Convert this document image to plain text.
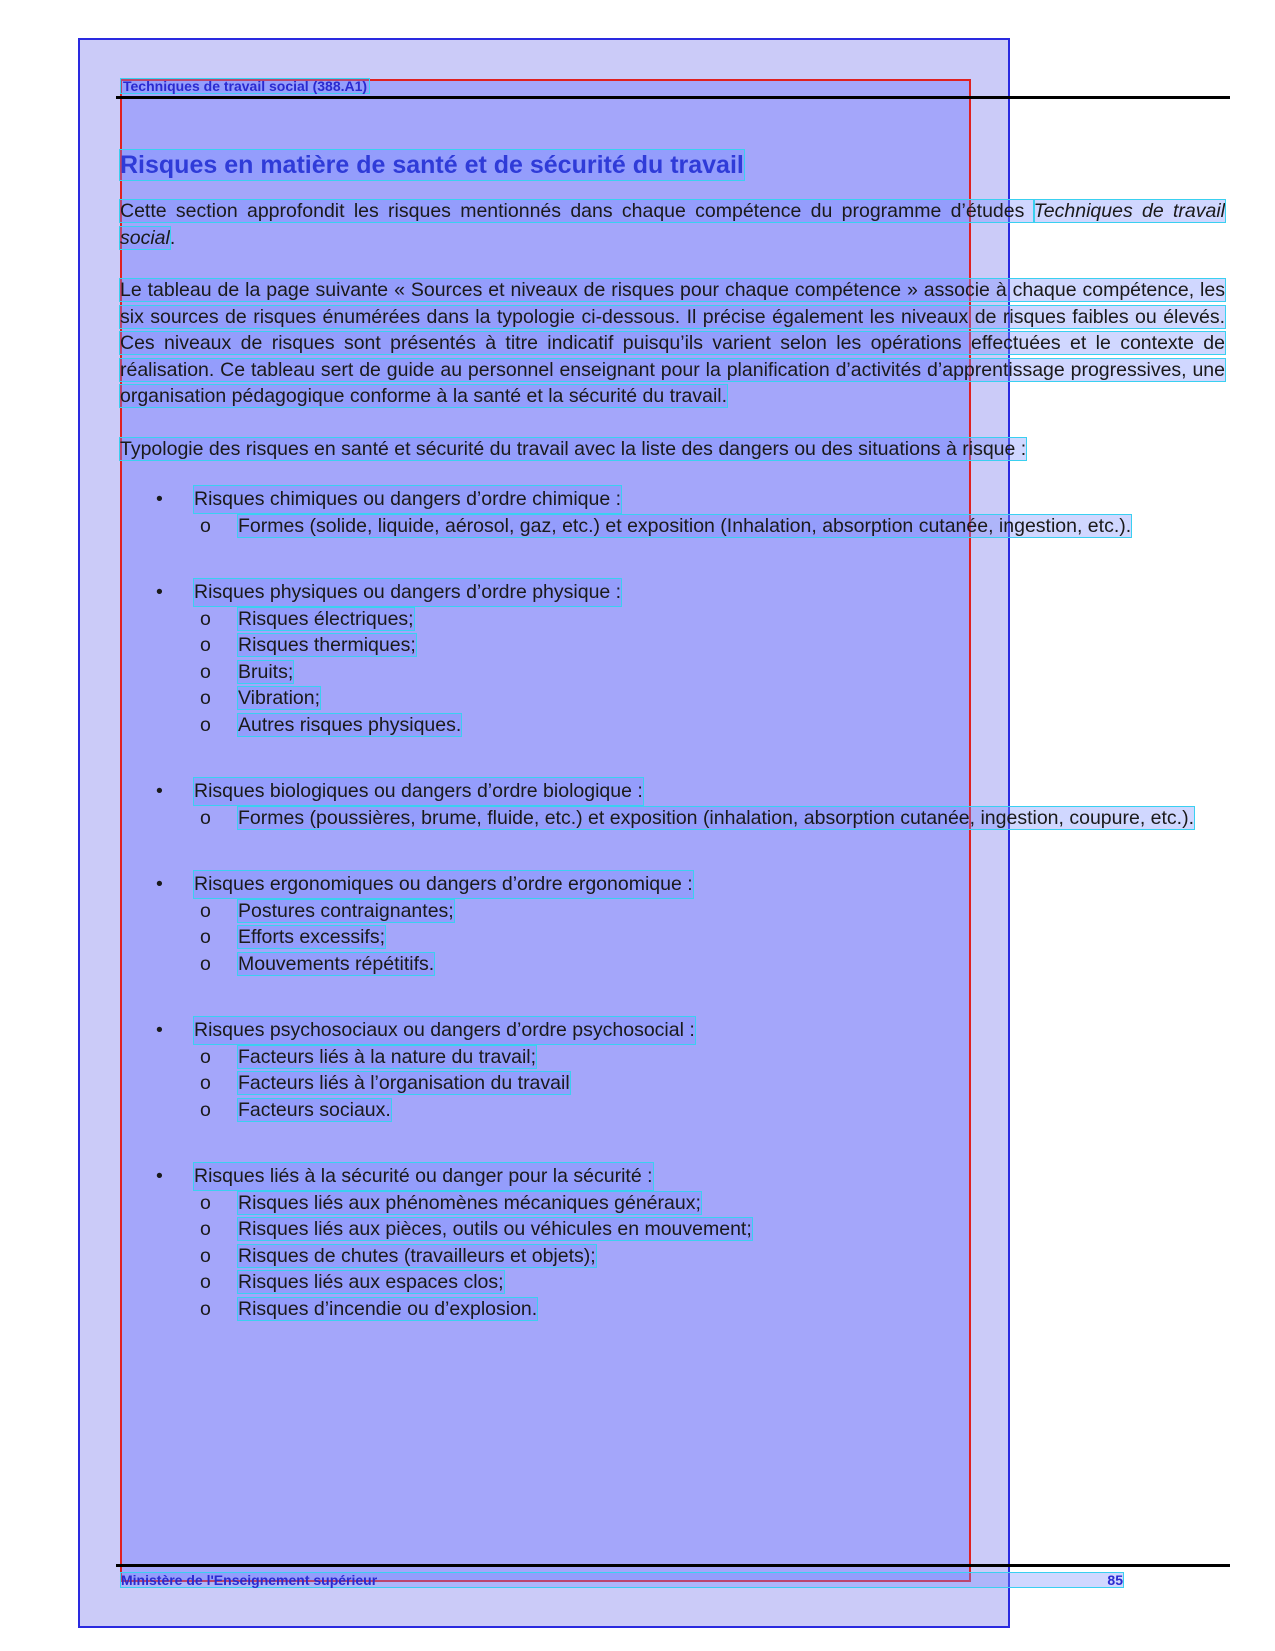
Techniques de travail social (388.A1)
Risques en matière de santé et de sécurité du travail

Cette section approfondit les risques mentionnés dans chaque compétence du programme d’études Techniques de travail social.

Le tableau de la page suivante « Sources et niveaux de risques pour chaque compétence » associe à chaque compétence, les six sources de risques énumérées dans la typologie ci-dessous. Il précise également les niveaux de risques faibles ou élevés. Ces niveaux de risques sont présentés à titre indicatif puisqu’ils varient selon les opérations effectuées et le contexte de réalisation. Ce tableau sert de guide au personnel enseignant pour la planification d’activités d’apprentissage progressives, une organisation pédagogique conforme à la santé et la sécurité du travail.

Typologie des risques en santé et sécurité du travail avec la liste des dangers ou des situations à risque :

•	Risques chimiques ou dangers d’ordre chimique :
o	Formes (solide, liquide, aérosol, gaz, etc.) et exposition (Inhalation, absorption cutanée, ingestion, etc.).
•	Risques physiques ou dangers d’ordre physique :
o	Risques électriques;
o	Risques thermiques;
o	Bruits;
o	Vibration;
o	Autres risques physiques.
•	Risques biologiques ou dangers d’ordre biologique :
o	Formes (poussières, brume, fluide, etc.) et exposition (inhalation, absorption cutanée, ingestion, coupure, etc.).
•	Risques ergonomiques ou dangers d’ordre ergonomique :
o	Postures contraignantes;
o	Efforts excessifs;
o	Mouvements répétitifs.
•	Risques psychosociaux ou dangers d’ordre psychosocial :
o	Facteurs liés à la nature du travail;
o	Facteurs liés à l’organisation du travail
o	Facteurs sociaux.
•	Risques liés à la sécurité ou danger pour la sécurité :
o	Risques liés aux phénomènes mécaniques généraux;
o	Risques liés aux pièces, outils ou véhicules en mouvement;
o	Risques de chutes (travailleurs et objets);
o	Risques liés aux espaces clos;
o	Risques d’incendie ou d’explosion.
Ministère de l'Enseignement supérieur	85
